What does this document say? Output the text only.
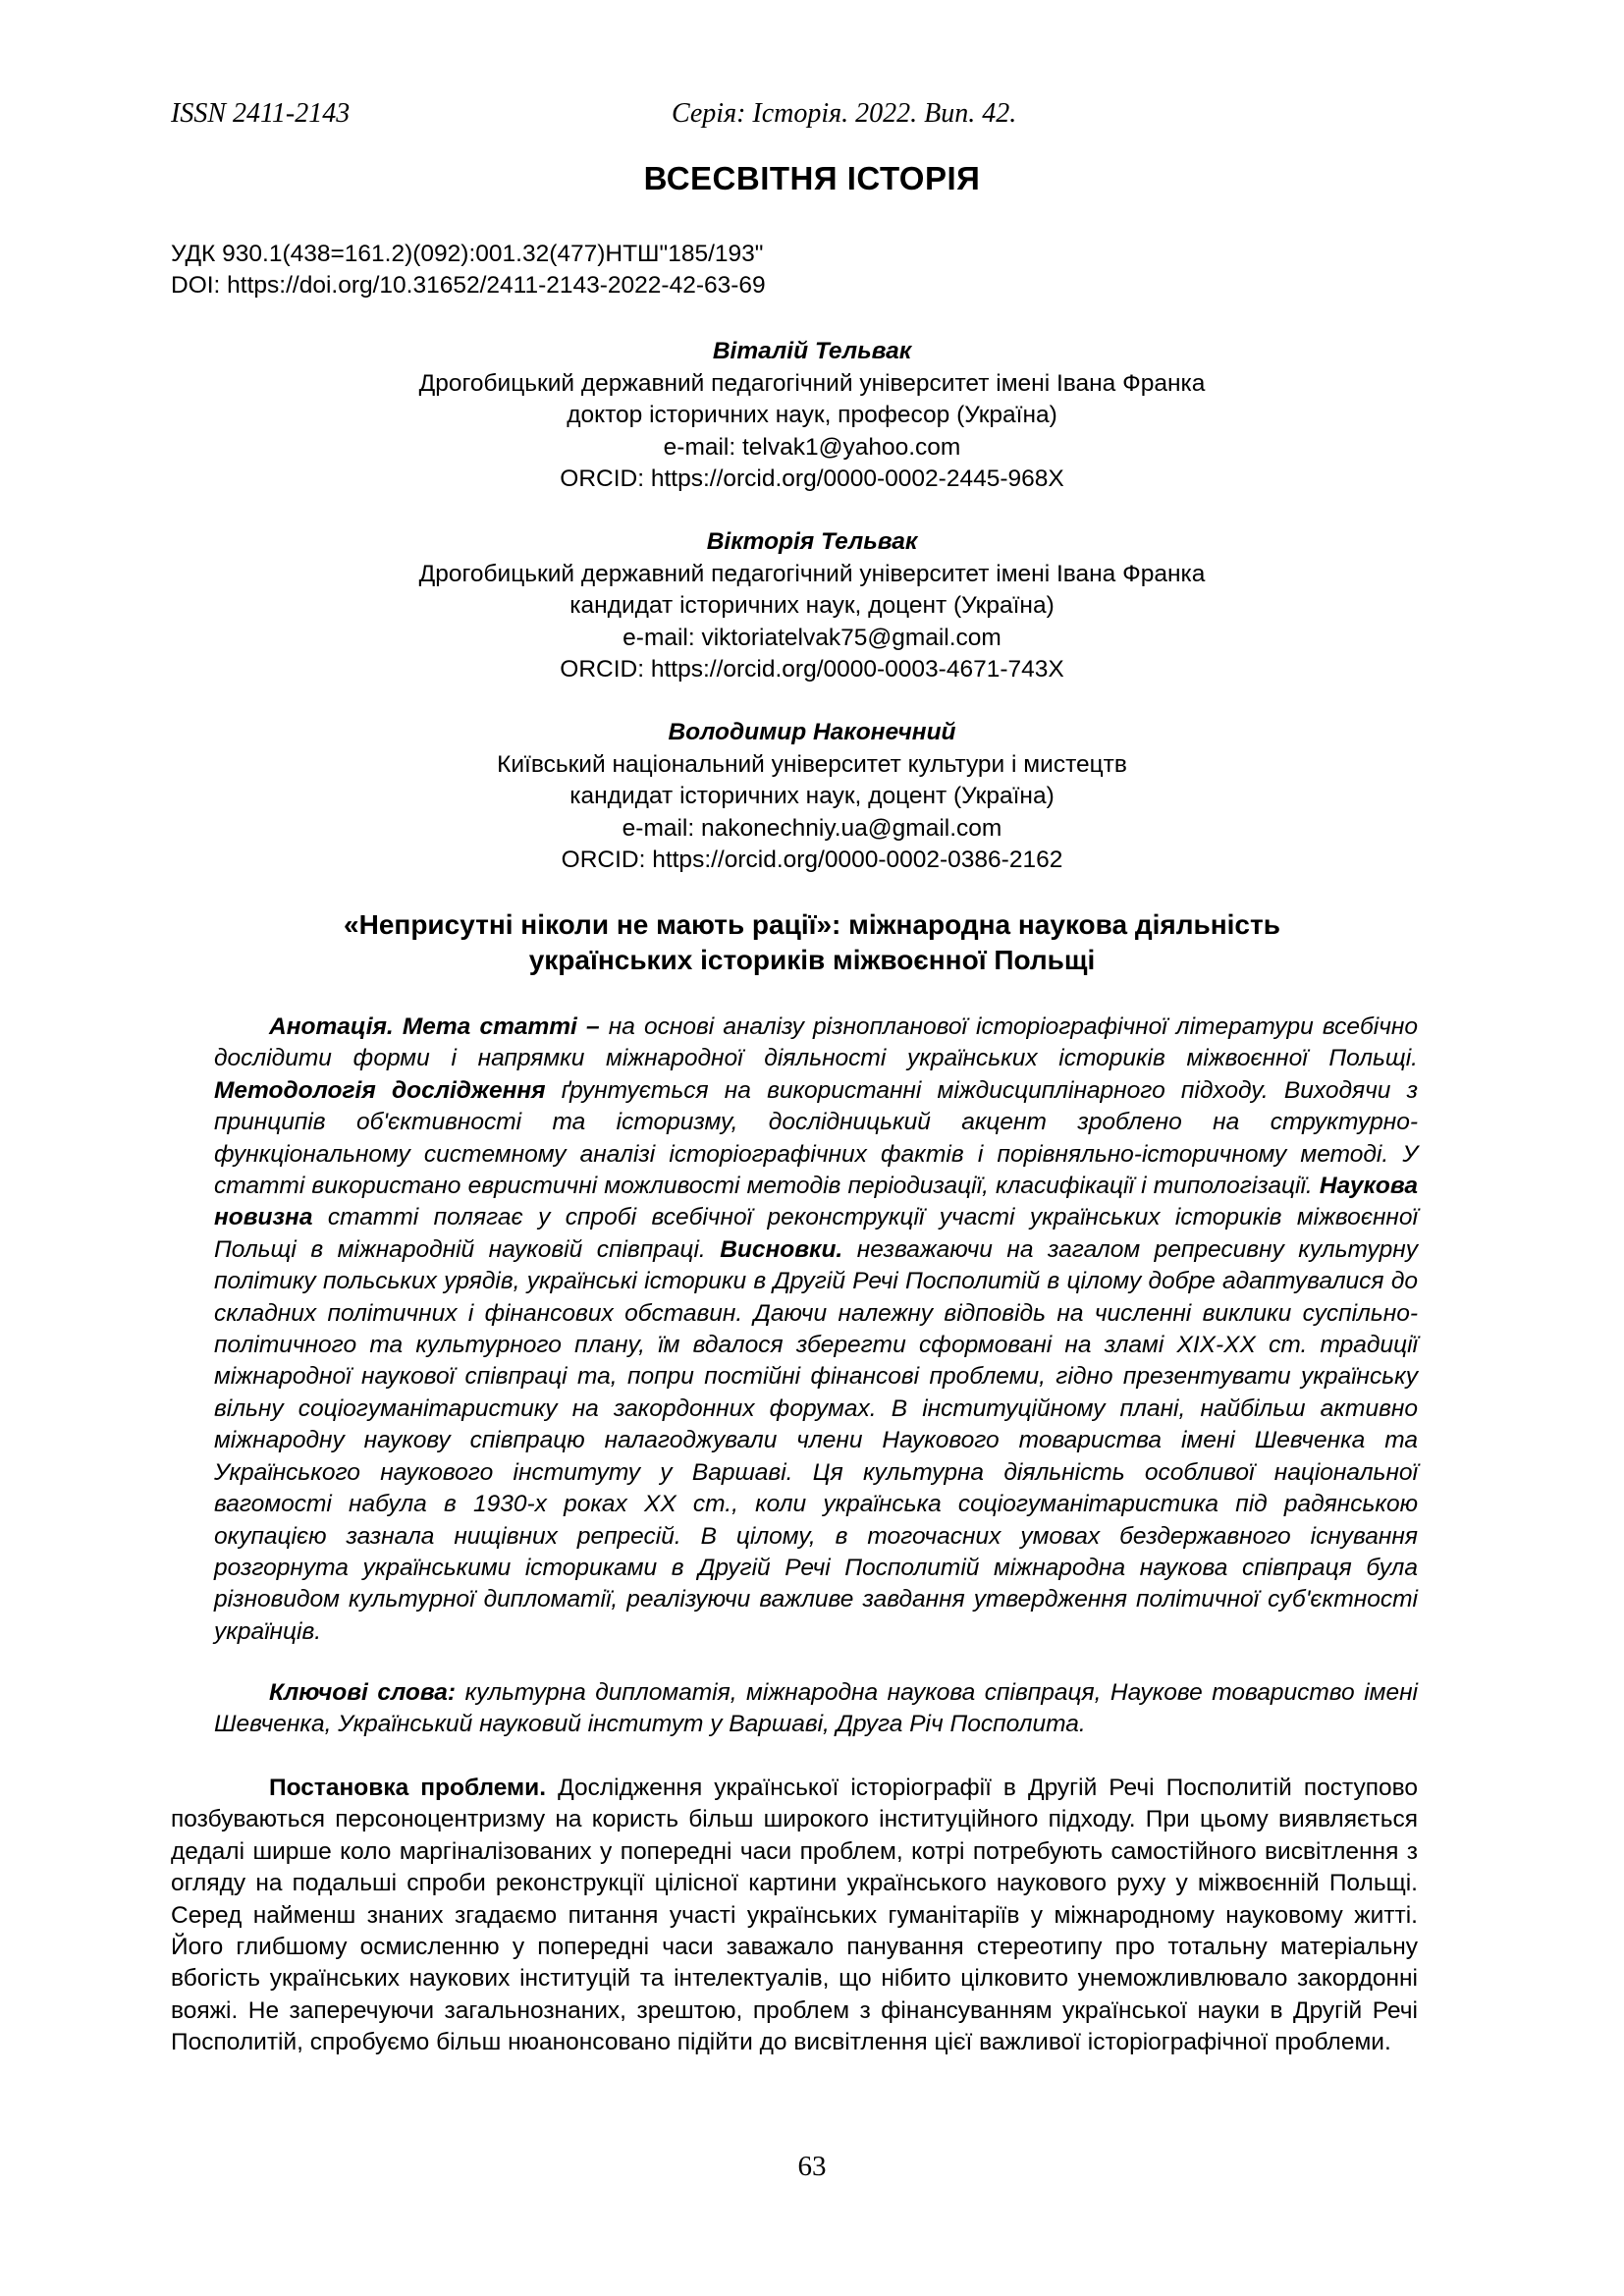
ISSN 2411-2143	Серія: Історія. 2022. Вип. 42.
ВСЕСВІТНЯ ІСТОРІЯ
УДК 930.1(438=161.2)(092):001.32(477)НТШ"185/193"
DOI: https://doi.org/10.31652/2411-2143-2022-42-63-69
Віталій Тельвак
Дрогобицький державний педагогічний університет імені Івана Франка
доктор історичних наук, професор (Україна)
e-mail: telvak1@yahoo.com
ORCID: https://orcid.org/0000-0002-2445-968X
Вікторія Тельвак
Дрогобицький державний педагогічний університет імені Івана Франка
кандидат історичних наук, доцент (Україна)
e-mail: viktoriatelvak75@gmail.com
ORCID: https://orcid.org/0000-0003-4671-743X
Володимир Наконечний
Київський національний університет культури і мистецтв
кандидат історичних наук, доцент (Україна)
e-mail: nakonechniy.ua@gmail.com
ORCID: https://orcid.org/0000-0002-0386-2162
«Неприсутні ніколи не мають рації»: міжнародна наукова діяльність
українських істориків міжвоєнної Польщі

Анотація. Мета статті – на основі аналізу різнопланової історіографічної літератури всебічно дослідити форми і напрямки міжнародної діяльності українських істориків міжвоєнної Польщі. Методологія дослідження ґрунтується на використанні міждисциплінарного підходу. Виходячи з принципів об'єктивності та історизму, дослідницький акцент зроблено на структурно-функціональному системному аналізі історіографічних фактів і порівняльно-історичному методі. У статті використано евристичні можливості методів періодизації, класифікації і типологізації. Наукова новизна статті полягає у спробі всебічної реконструкції участі українських істориків міжвоєнної Польщі в міжнародній науковій співпраці. Висновки. незважаючи на загалом репресивну культурну політику польських урядів, українські історики в Другій Речі Посполитій в цілому добре адаптувалися до складних політичних і фінансових обставин. Даючи належну відповідь на численні виклики суспільно-політичного та культурного плану, їм вдалося зберегти сформовані на зламі XIX-XX ст. традиції міжнародної наукової співпраці та, попри постійні фінансові проблеми, гідно презентувати українську вільну соціогуманітаристику на закордонних форумах. В інституційному плані, найбільш активно міжнародну наукову співпрацю налагоджували члени Наукового товариства імені Шевченка та Українського наукового інституту у Варшаві. Ця культурна діяльність особливої національної вагомості набула в 1930-х роках XX ст., коли українська соціогуманітаристика під радянською окупацією зазнала нищівних репресій. В цілому, в тогочасних умовах бездержавного існування розгорнута українськими істориками в Другій Речі Посполитій міжнародна наукова співпраця була різновидом культурної дипломатії, реалізуючи важливе завдання утвердження політичної суб'єктності українців.

Ключові слова: культурна дипломатія, міжнародна наукова співпраця, Наукове товариство імені Шевченка, Український науковий інститут у Варшаві, Друга Річ Посполита.

Постановка проблеми. Дослідження української історіографії в Другій Речі Посполитій поступово позбуваються персоноцентризму на користь більш широкого інституційного підходу. При цьому виявляється дедалі ширше коло маргіналізованих у попередні часи проблем, котрі потребують самостійного висвітлення з огляду на подальші спроби реконструкції цілісної картини українського наукового руху у міжвоєнній Польщі. Серед найменш знаних згадаємо питання участі українських гуманітаріїв у міжнародному науковому житті. Його глибшому осмисленню у попередні часи заважало панування стереотипу про тотальну матеріальну вбогість українських наукових інституцій та інтелектуалів, що нібито цілковито унеможливлювало закордонні вояжі. Не заперечуючи загальнознаних, зрештою, проблем з фінансуванням української науки в Другій Речі Посполитій, спробуємо більш нюанонсовано підійти до висвітлення цієї важливої історіографічної проблеми.

63
